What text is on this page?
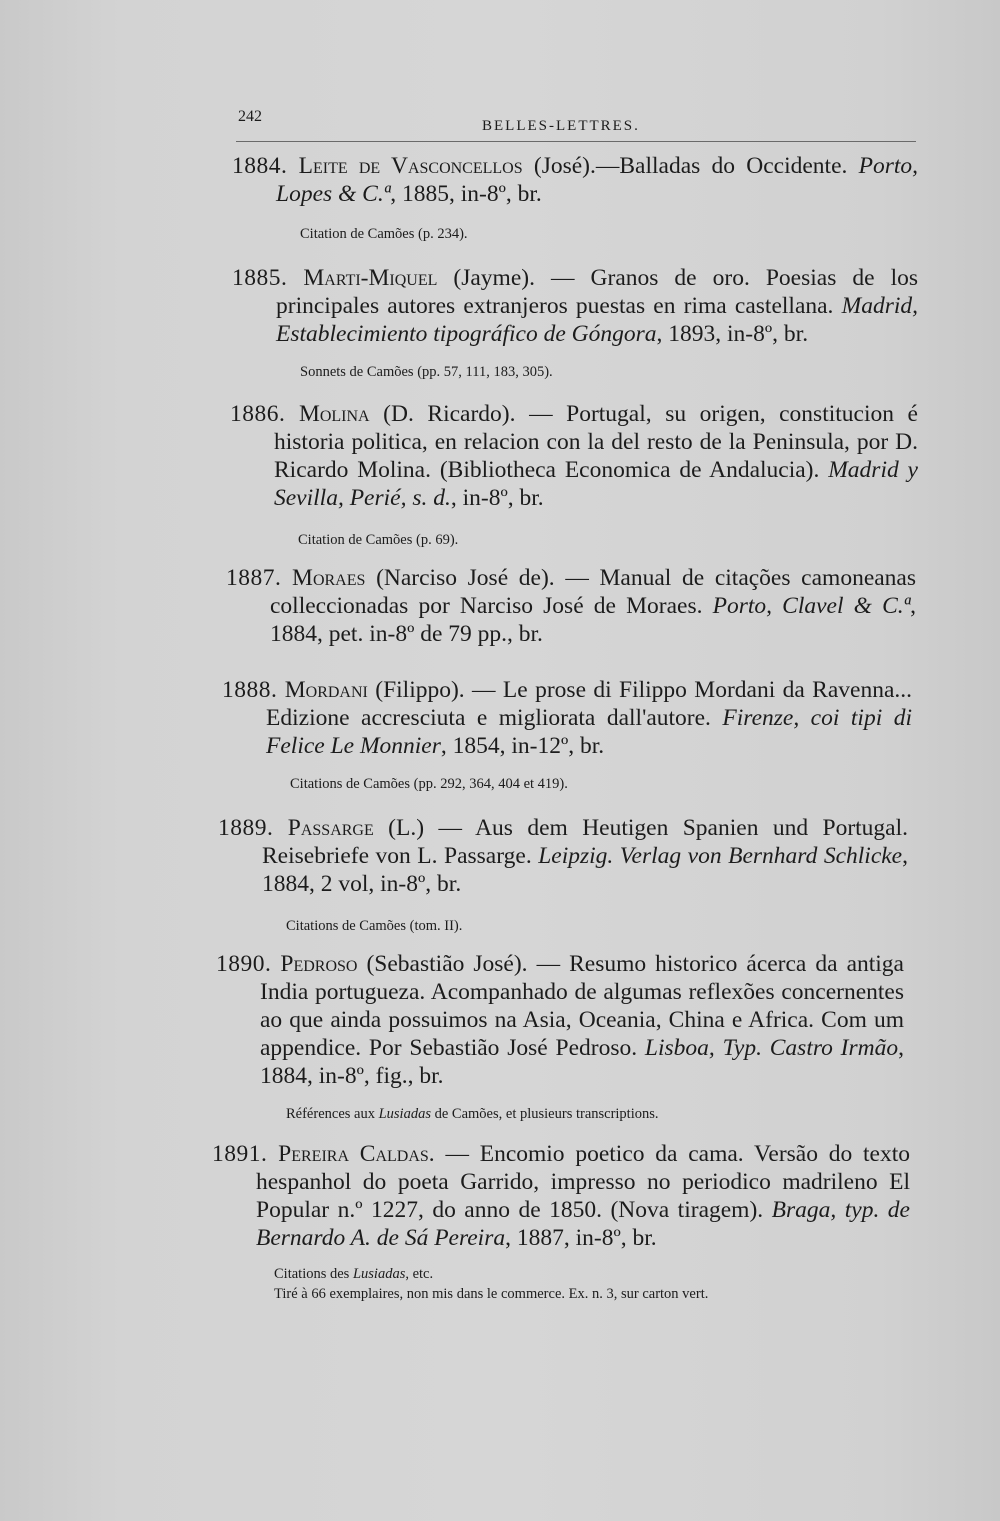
242
BELLES-LETTRES.

1884. Leite de Vasconcellos (José).—Balladas do Occidente. Porto, Lopes & C.ª, 1885, in-8º, br.

Citation de Camões (p. 234).

1885. Marti-Miquel (Jayme). — Granos de oro. Poesias de los principales autores extranjeros puestas en rima castellana. Madrid, Establecimiento tipográfico de Góngora, 1893, in-8º, br.

Sonnets de Camões (pp. 57, 111, 183, 305).

1886. Molina (D. Ricardo). — Portugal, su origen, constitucion é historia politica, en relacion con la del resto de la Peninsula, por D. Ricardo Molina. (Bibliotheca Economica de Andalucia). Madrid y Sevilla, Perié, s. d., in-8º, br.

Citation de Camões (p. 69).

1887. Moraes (Narciso José de). — Manual de citações camoneanas colleccionadas por Narciso José de Moraes. Porto, Clavel & C.ª, 1884, pet. in-8º de 79 pp., br.

1888. Mordani (Filippo). — Le prose di Filippo Mordani da Ravenna... Edizione accresciuta e migliorata dall'autore. Firenze, coi tipi di Felice Le Monnier, 1854, in-12º, br.

Citations de Camões (pp. 292, 364, 404 et 419).

1889. Passarge (L.) — Aus dem Heutigen Spanien und Portugal. Reisebriefe von L. Passarge. Leipzig. Verlag von Bernhard Schlicke, 1884, 2 vol, in-8º, br.

Citations de Camões (tom. II).

1890. Pedroso (Sebastião José). — Resumo historico ácerca da antiga India portugueza. Acompanhado de algumas reflexões concernentes ao que ainda possuimos na Asia, Oceania, China e Africa. Com um appendice. Por Sebastião José Pedroso. Lisboa, Typ. Castro Irmão, 1884, in-8º, fig., br.

Références aux Lusiadas de Camões, et plusieurs transcriptions.

1891. Pereira Caldas. — Encomio poetico da cama. Versão do texto hespanhol do poeta Garrido, impresso no periodico madrileno El Popular n.º 1227, do anno de 1850. (Nova tiragem). Braga, typ. de Bernardo A. de Sá Pereira, 1887, in-8º, br.

Citations des Lusiadas, etc.

Tiré à 66 exemplaires, non mis dans le commerce. Ex. n. 3, sur carton vert.
